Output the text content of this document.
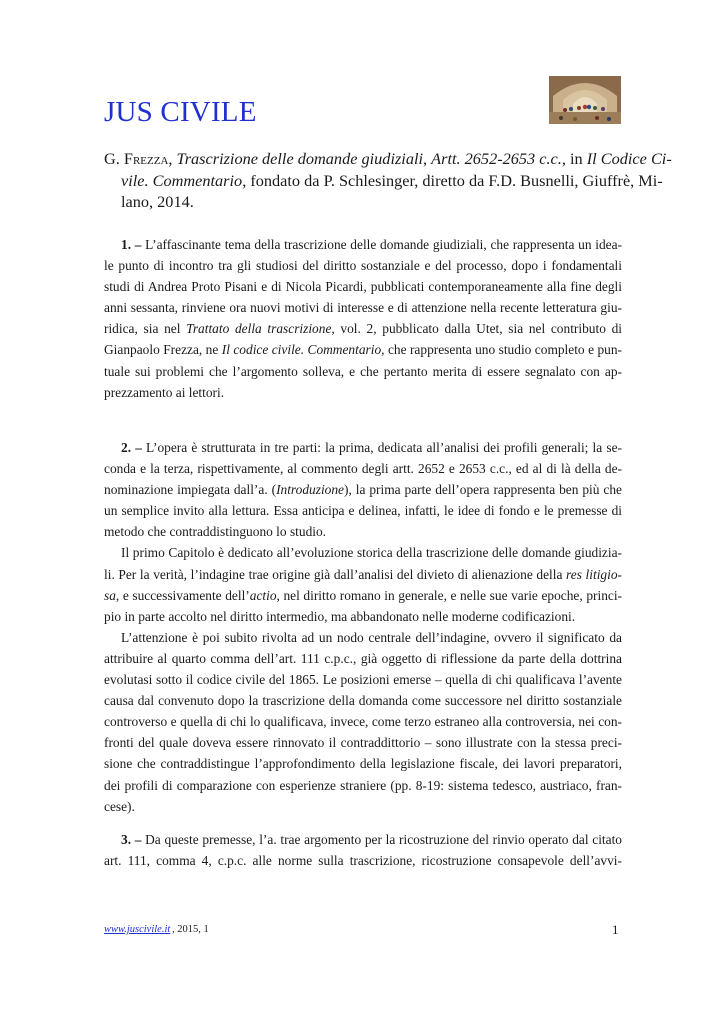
JUS CIVILE
G. Frezza, Trascrizione delle domande giudiziali, Artt. 2652-2653 c.c., in Il Codice Ci-
vile. Commentario, fondato da P. Schlesinger, diretto da F.D. Busnelli, Giuffrè, Mi-
lano, 2014.
1. – L’affascinante tema della trascrizione delle domande giudiziali, che rappresenta un idea-
le punto di incontro tra gli studiosi del diritto sostanziale e del processo, dopo i fondamentali
studi di Andrea Proto Pisani e di Nicola Picardi, pubblicati contemporaneamente alla fine degli
anni sessanta, rinviene ora nuovi motivi di interesse e di attenzione nella recente letteratura giu-
ridica, sia nel Trattato della trascrizione, vol. 2, pubblicato dalla Utet, sia nel contributo di
Gianpaolo Frezza, ne Il codice civile. Commentario, che rappresenta uno studio completo e pun-
tuale sui problemi che l’argomento solleva, e che pertanto merita di essere segnalato con ap-
prezzamento ai lettori.
2. – L’opera è strutturata in tre parti: la prima, dedicata all’analisi dei profili generali; la se-
conda e la terza, rispettivamente, al commento degli artt. 2652 e 2653 c.c., ed al di là della de-
nominazione impiegata dall’a. (Introduzione), la prima parte dell’opera rappresenta ben più che
un semplice invito alla lettura. Essa anticipa e delinea, infatti, le idee di fondo e le premesse di
metodo che contraddistinguono lo studio.
Il primo Capitolo è dedicato all’evoluzione storica della trascrizione delle domande giudizia-
li. Per la verità, l’indagine trae origine già dall’analisi del divieto di alienazione della res litigio-
sa, e successivamente dell’actio, nel diritto romano in generale, e nelle sue varie epoche, princi-
pio in parte accolto nel diritto intermedio, ma abbandonato nelle moderne codificazioni.
L’attenzione è poi subito rivolta ad un nodo centrale dell’indagine, ovvero il significato da
attribuire al quarto comma dell’art. 111 c.p.c., già oggetto di riflessione da parte della dottrina
evolutasi sotto il codice civile del 1865. Le posizioni emerse – quella di chi qualificava l’avente
causa dal convenuto dopo la trascrizione della domanda come successore nel diritto sostanziale
controverso e quella di chi lo qualificava, invece, come terzo estraneo alla controversia, nei con-
fronti del quale doveva essere rinnovato il contraddittorio – sono illustrate con la stessa preci-
sione che contraddistingue l’approfondimento della legislazione fiscale, dei lavori preparatori,
dei profili di comparazione con esperienze straniere (pp. 8-19: sistema tedesco, austriaco, fran-
cese).
3. – Da queste premesse, l’a. trae argomento per la ricostruzione del rinvio operato dal citato
art. 111, comma 4, c.p.c. alle norme sulla trascrizione, ricostruzione consapevole dell’avvi-
www.juscivile.it , 2015, 1	1
